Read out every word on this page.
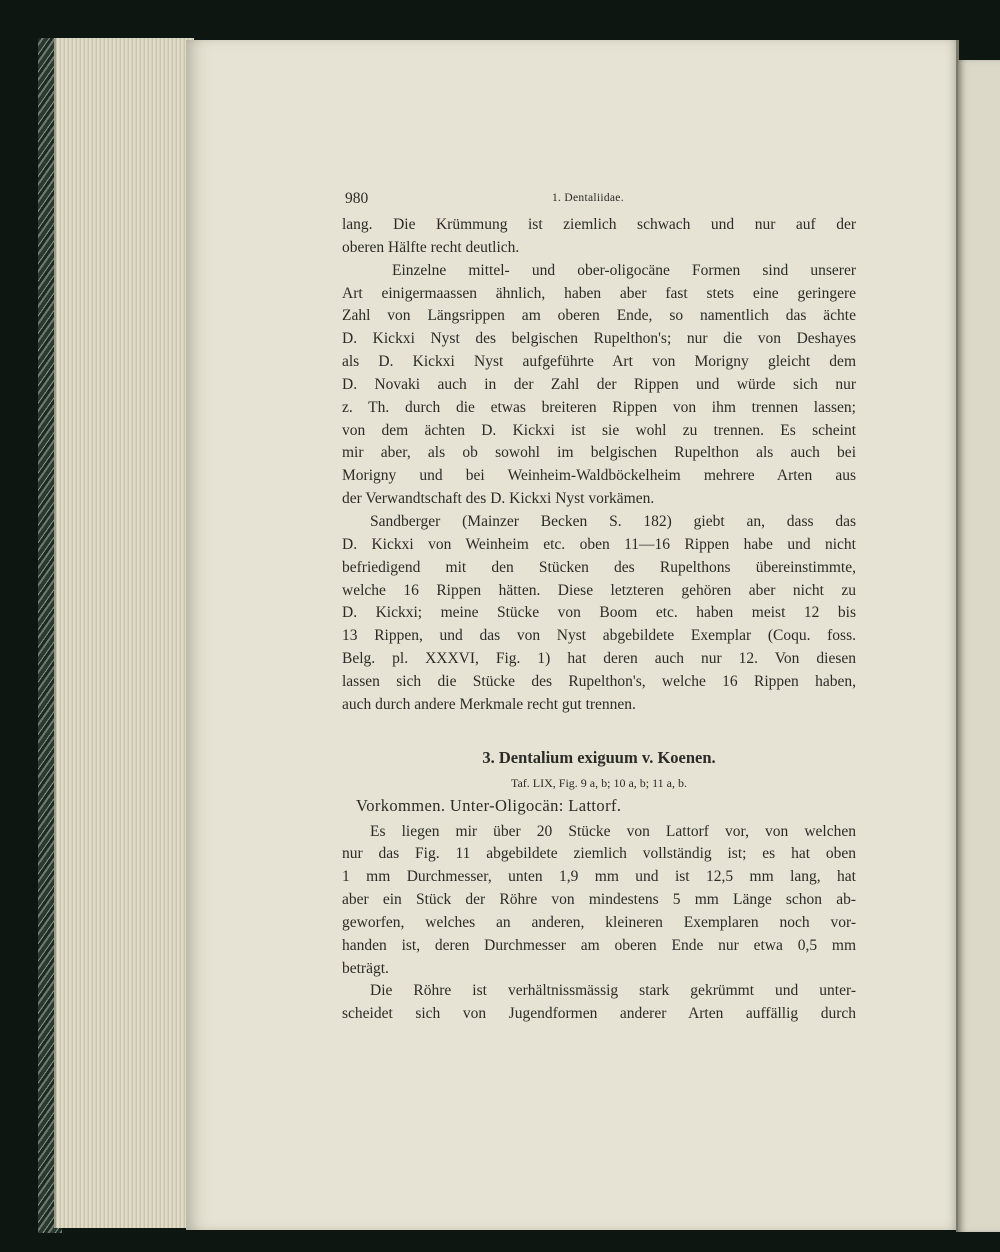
980	1. Dentaliidae.
lang. Die Krümmung ist ziemlich schwach und nur auf der
oberen Hälfte recht deutlich.
Einzelne mittel- und ober-oligocäne Formen sind unserer
Art einigermaassen ähnlich, haben aber fast stets eine geringere
Zahl von Längsrippen am oberen Ende, so namentlich das ächte
D. Kickxi Nyst des belgischen Rupelthon's; nur die von Deshayes
als D. Kickxi Nyst aufgeführte Art von Morigny gleicht dem
D. Novaki auch in der Zahl der Rippen und würde sich nur
z. Th. durch die etwas breiteren Rippen von ihm trennen lassen;
von dem ächten D. Kickxi ist sie wohl zu trennen. Es scheint
mir aber, als ob sowohl im belgischen Rupelthon als auch bei
Morigny und bei Weinheim-Waldböckelheim mehrere Arten aus
der Verwandtschaft des D. Kickxi Nyst vorkämen.
Sandberger (Mainzer Becken S. 182) giebt an, dass das
D. Kickxi von Weinheim etc. oben 11—16 Rippen habe und nicht
befriedigend mit den Stücken des Rupelthons übereinstimmte,
welche 16 Rippen hätten. Diese letzteren gehören aber nicht zu
D. Kickxi; meine Stücke von Boom etc. haben meist 12 bis
13 Rippen, und das von Nyst abgebildete Exemplar (Coqu. foss.
Belg. pl. XXXVI, Fig. 1) hat deren auch nur 12. Von diesen
lassen sich die Stücke des Rupelthon's, welche 16 Rippen haben,
auch durch andere Merkmale recht gut trennen.
3. Dentalium exiguum v. Koenen.
Taf. LIX, Fig. 9 a, b; 10 a, b; 11 a, b.
Vorkommen. Unter-Oligocän: Lattorf.
Es liegen mir über 20 Stücke von Lattorf vor, von welchen
nur das Fig. 11 abgebildete ziemlich vollständig ist; es hat oben
1 mm Durchmesser, unten 1,9 mm und ist 12,5 mm lang, hat
aber ein Stück der Röhre von mindestens 5 mm Länge schon ab-
geworfen, welches an anderen, kleineren Exemplaren noch vor-
handen ist, deren Durchmesser am oberen Ende nur etwa 0,5 mm
beträgt.
Die Röhre ist verhältnissmässig stark gekrümmt und unter-
scheidet sich von Jugendformen anderer Arten auffällig durch
